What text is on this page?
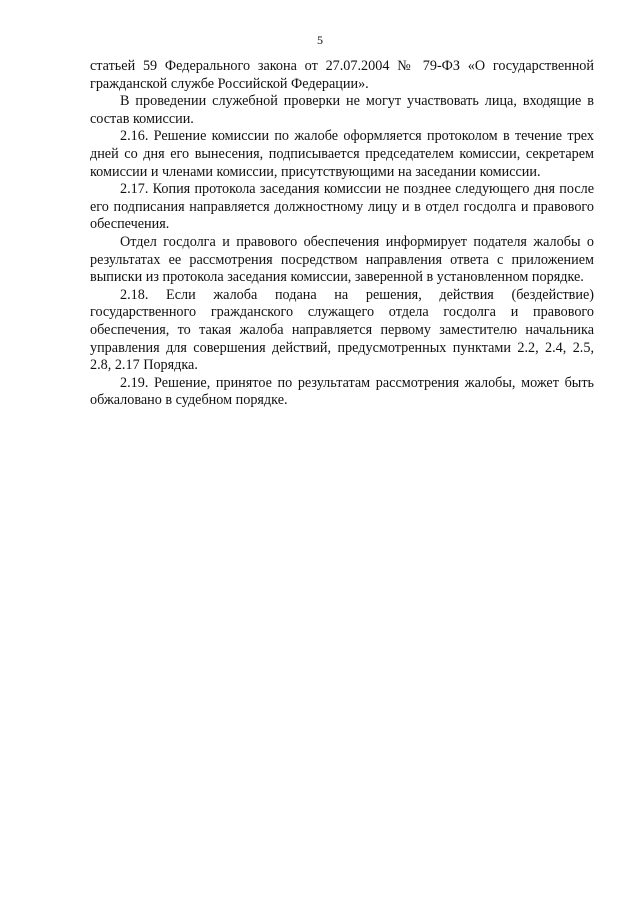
5

статьей 59 Федерального закона от 27.07.2004 № 79-ФЗ «О государственной гражданской службе Российской Федерации».

В проведении служебной проверки не могут участвовать лица, входящие в состав комиссии.

2.16. Решение комиссии по жалобе оформляется протоколом в течение трех дней со дня его вынесения, подписывается председателем комиссии, секретарем комиссии и членами комиссии, присутствующими на заседании комиссии.

2.17. Копия протокола заседания комиссии не позднее следующего дня после его подписания направляется должностному лицу и в отдел госдолга и правового обеспечения.

Отдел госдолга и правового обеспечения информирует подателя жалобы о результатах ее рассмотрения посредством направления ответа с приложением выписки из протокола заседания комиссии, заверенной в установленном порядке.

2.18. Если жалоба подана на решения, действия (бездействие) государственного гражданского служащего отдела госдолга и правового обеспечения, то такая жалоба направляется первому заместителю начальника управления для совершения действий, предусмотренных пунктами 2.2, 2.4, 2.5, 2.8, 2.17 Порядка.

2.19. Решение, принятое по результатам рассмотрения жалобы, может быть обжаловано в судебном порядке.
